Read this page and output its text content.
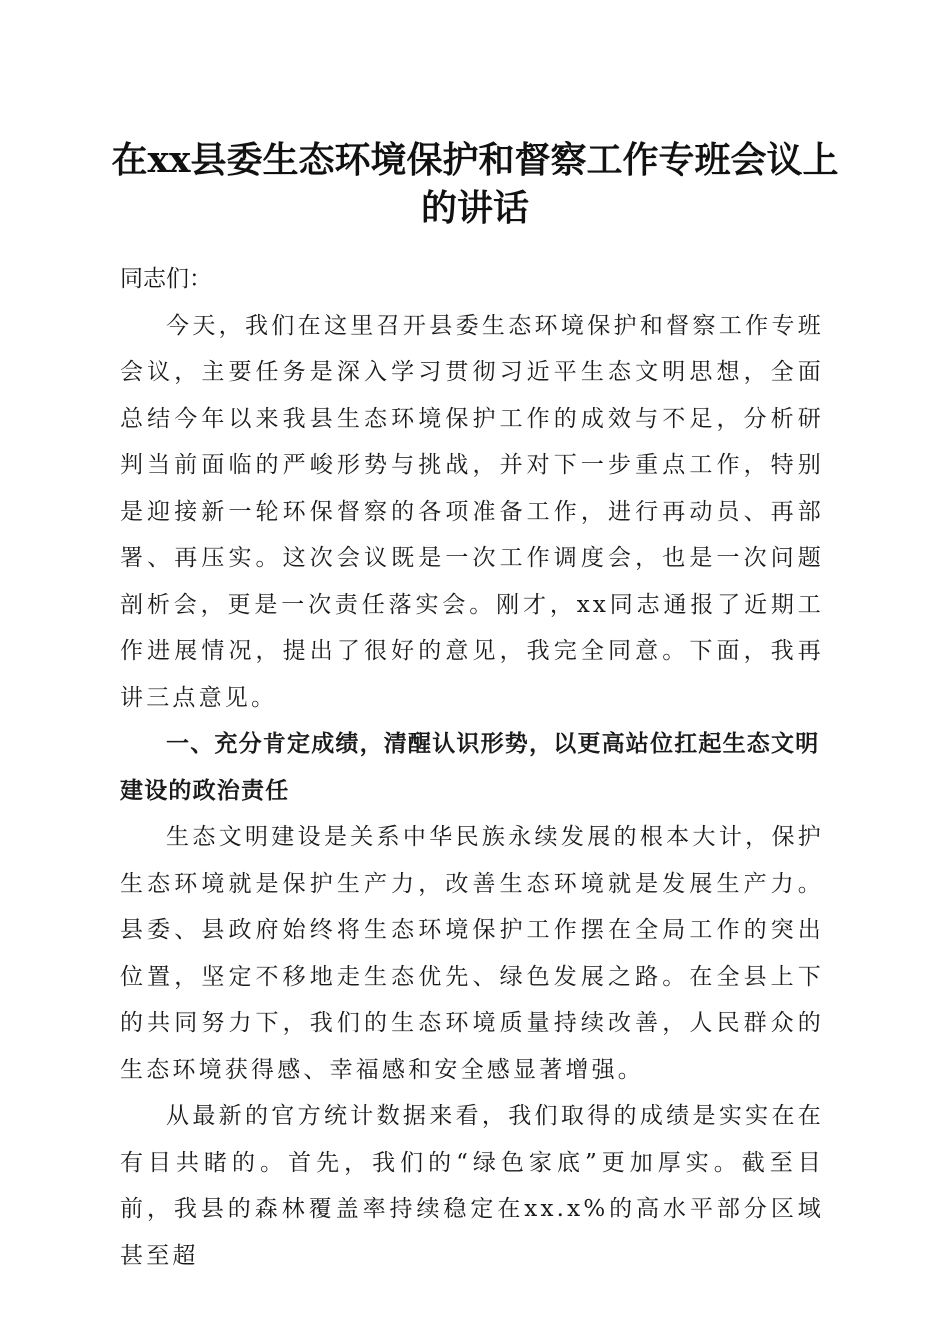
在xx县委生态环境保护和督察工作专班会议上的讲话

同志们：

今天，我们在这里召开县委生态环境保护和督察工作专班会议，主要任务是深入学习贯彻习近平生态文明思想，全面总结今年以来我县生态环境保护工作的成效与不足，分析研判当前面临的严峻形势与挑战，并对下一步重点工作，特别是迎接新一轮环保督察的各项准备工作，进行再动员、再部署、再压实。这次会议既是一次工作调度会，也是一次问题剖析会，更是一次责任落实会。刚才，xx同志通报了近期工作进展情况，提出了很好的意见，我完全同意。下面，我再讲三点意见。

一、充分肯定成绩，清醒认识形势，以更高站位扛起生态文明建设的政治责任

生态文明建设是关系中华民族永续发展的根本大计，保护生态环境就是保护生产力，改善生态环境就是发展生产力。县委、县政府始终将生态环境保护工作摆在全局工作的突出位置，坚定不移地走生态优先、绿色发展之路。在全县上下的共同努力下，我们的生态环境质量持续改善，人民群众的生态环境获得感、幸福感和安全感显著增强。

从最新的官方统计数据来看，我们取得的成绩是实实在在有目共睹的。首先，我们的“绿色家底”更加厚实。截至目前，我县的森林覆盖率持续稳定在xx.x%的高水平部分区域甚至超
